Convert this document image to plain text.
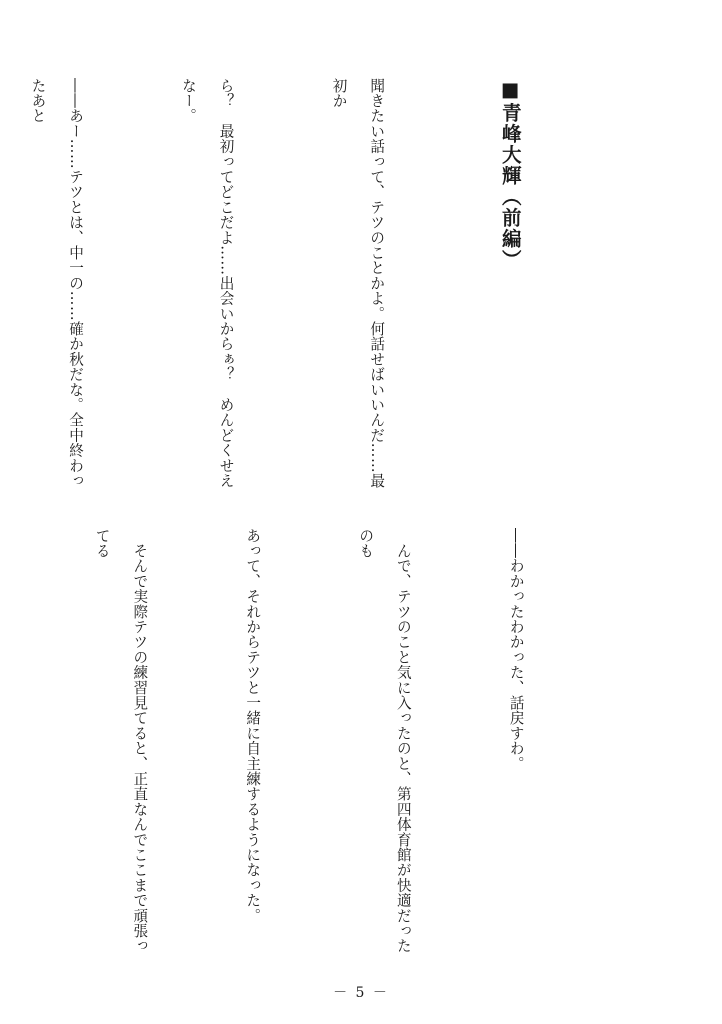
■青峰大輝（前編）

聞きたい話って、テツのことかよ。何話せばいいんだ……最初か

ら？　最初ってどこだよ……出会いからぁ？　めんどくせえなー。

――あー……テツとは、中一の……確か秋だな。全中終わったあと

――わかったわかった、話戻すわ。

　んで、テツのこと気に入ったのと、第四体育館が快適だったのも

あって、それからテツと一緒に自主練するようになった。

　そんで実際テツの練習見てると、正直なんでここまで頑張ってる

－ 5 －
